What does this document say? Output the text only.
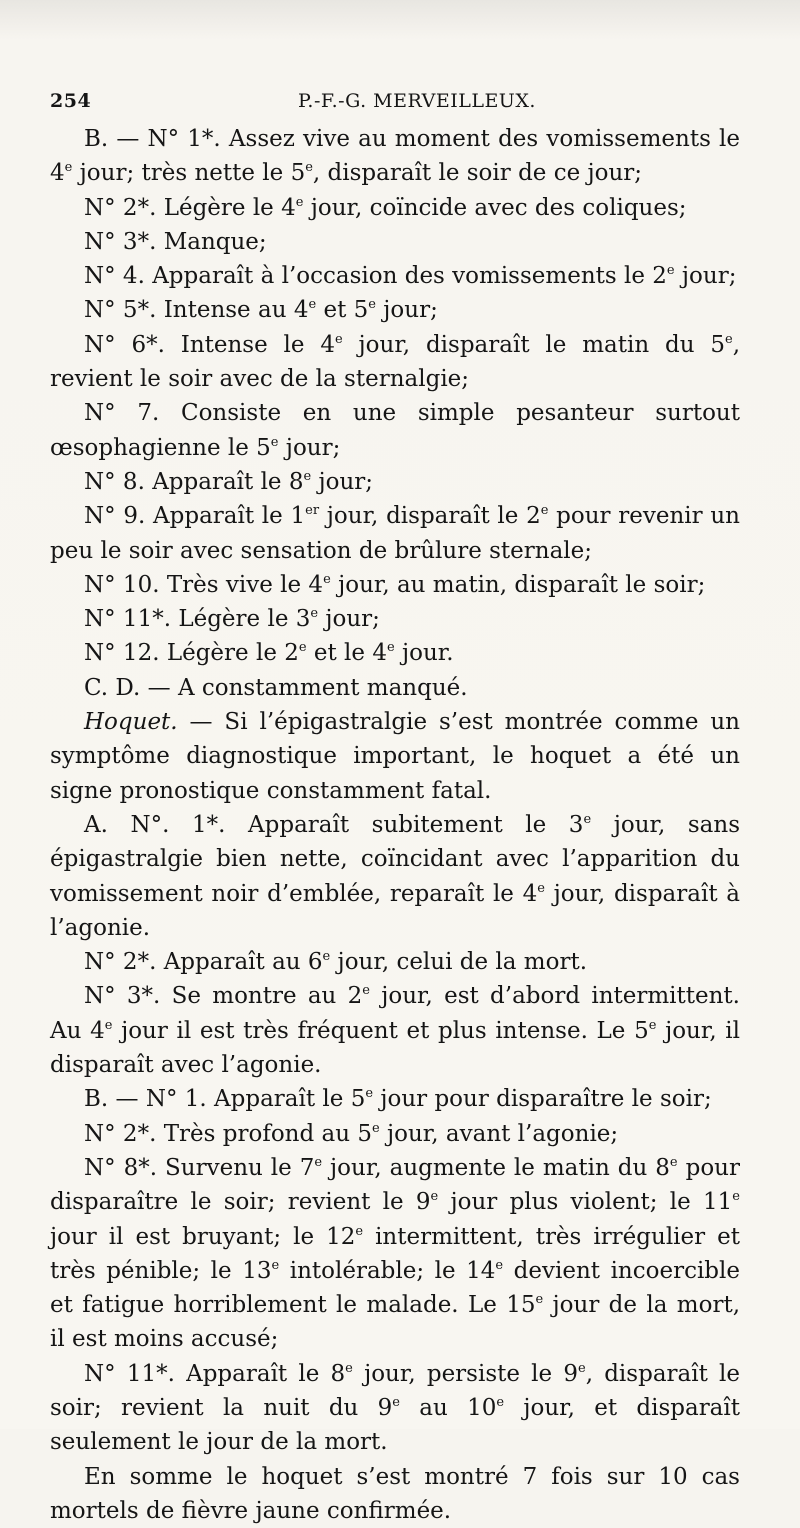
254	P.-F.-G. MERVEILLEUX.

B. — N° 1*. Assez vive au moment des vomissements le 4e jour; très nette le 5e, disparaît le soir de ce jour;

N° 2*. Légère le 4e jour, coïncide avec des coliques;

N° 3*. Manque;

N° 4. Apparaît à l’occasion des vomissements le 2e jour;

N° 5*. Intense au 4e et 5e jour;

N° 6*. Intense le 4e jour, disparaît le matin du 5e, revient le soir avec de la sternalgie;

N° 7. Consiste en une simple pesanteur surtout œsophagienne le 5e jour;

N° 8. Apparaît le 8e jour;

N° 9. Apparaît le 1er jour, disparaît le 2e pour revenir un peu le soir avec sensation de brûlure sternale;

N° 10. Très vive le 4e jour, au matin, disparaît le soir;

N° 11*. Légère le 3e jour;

N° 12. Légère le 2e et le 4e jour.

C. D. — A constamment manqué.

Hoquet. — Si l’épigastralgie s’est montrée comme un symptôme diagnostique important, le hoquet a été un signe pronostique constamment fatal.

A. N°. 1*. Apparaît subitement le 3e jour, sans épigastralgie bien nette, coïncidant avec l’apparition du vomissement noir d’emblée, reparaît le 4e jour, disparaît à l’agonie.

N° 2*. Apparaît au 6e jour, celui de la mort.

N° 3*. Se montre au 2e jour, est d’abord intermittent. Au 4e jour il est très fréquent et plus intense. Le 5e jour, il disparaît avec l’agonie.

B. — N° 1. Apparaît le 5e jour pour disparaître le soir;

N° 2*. Très profond au 5e jour, avant l’agonie;

N° 8*. Survenu le 7e jour, augmente le matin du 8e pour disparaître le soir; revient le 9e jour plus violent; le 11e jour il est bruyant; le 12e intermittent, très irrégulier et très pénible; le 13e intolérable; le 14e devient incoercible et fatigue horriblement le malade. Le 15e jour de la mort, il est moins accusé;

N° 11*. Apparaît le 8e jour, persiste le 9e, disparaît le soir; revient la nuit du 9e au 10e jour, et disparaît seulement le jour de la mort.

En somme le hoquet s’est montré 7 fois sur 10 cas mortels de fièvre jaune confirmée.
